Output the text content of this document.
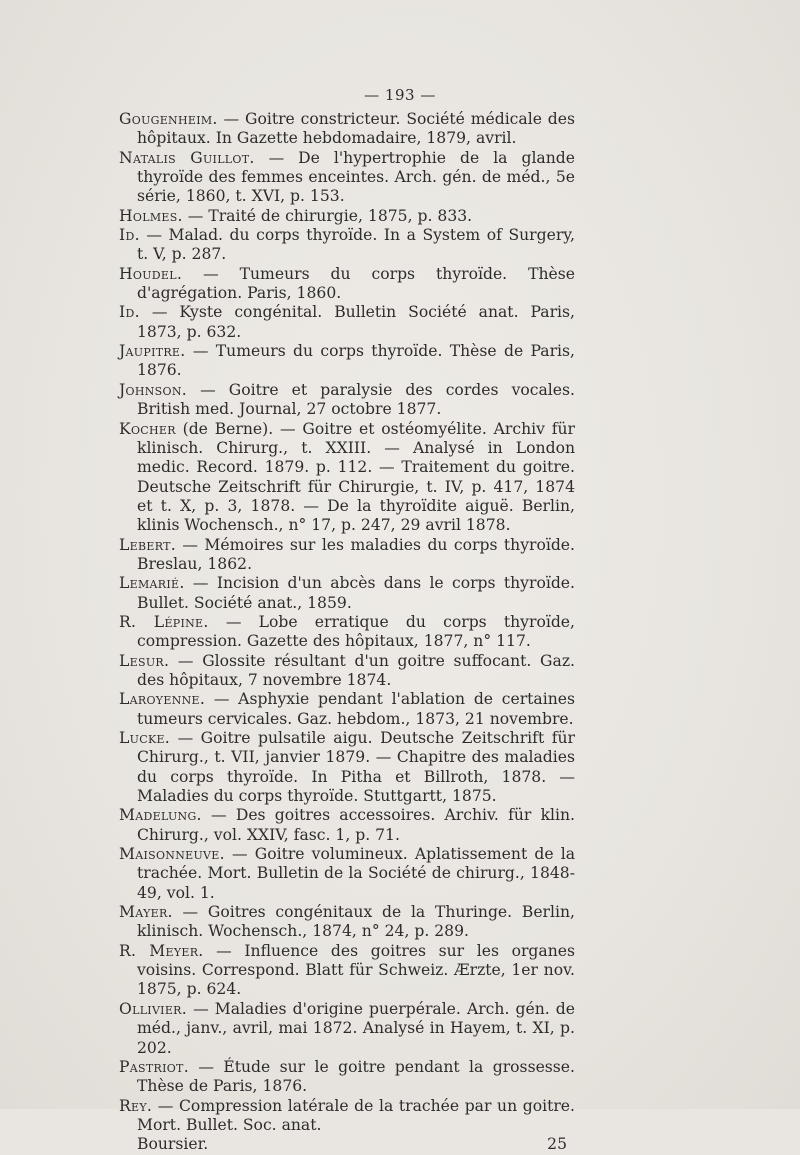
— 193 —
Gougenheim. — Goitre constricteur. Société médicale des hôpitaux. In Gazette hebdomadaire, 1879, avril.
Natalis Guillot. — De l'hypertrophie de la glande thyroïde des femmes enceintes. Arch. gén. de méd., 5e série, 1860, t. XVI, p. 153.
Holmes. — Traité de chirurgie, 1875, p. 833.
Id. — Malad. du corps thyroïde. In a System of Surgery, t. V, p. 287.
Houdel. — Tumeurs du corps thyroïde. Thèse d'agrégation. Paris, 1860.
Id. — Kyste congénital. Bulletin Société anat. Paris, 1873, p. 632.
Jaupitre. — Tumeurs du corps thyroïde. Thèse de Paris, 1876.
Johnson. — Goitre et paralysie des cordes vocales. British med. Journal, 27 octobre 1877.
Kocher (de Berne). — Goitre et ostéomyélite. Archiv für klinisch. Chirurg., t. XXIII. — Analysé in London medic. Record. 1879. p. 112. — Traitement du goitre. Deutsche Zeitschrift für Chirurgie, t. IV, p. 417, 1874 et t. X, p. 3, 1878. — De la thyroïdite aiguë. Berlin, klinis Wochensch., n° 17, p. 247, 29 avril 1878.
Lebert. — Mémoires sur les maladies du corps thyroïde. Breslau, 1862.
Lemarié. — Incision d'un abcès dans le corps thyroïde. Bullet. Société anat., 1859.
R. Lépine. — Lobe erratique du corps thyroïde, compression. Gazette des hôpitaux, 1877, n° 117.
Lesur. — Glossite résultant d'un goitre suffocant. Gaz. des hôpitaux, 7 novembre 1874.
Laroyenne. — Asphyxie pendant l'ablation de certaines tumeurs cervicales. Gaz. hebdom., 1873, 21 novembre.
Lucke. — Goitre pulsatile aigu. Deutsche Zeitschrift für Chirurg., t. VII, janvier 1879. — Chapitre des maladies du corps thyroïde. In Pitha et Billroth, 1878. — Maladies du corps thyroïde. Stuttgartt, 1875.
Madelung. — Des goitres accessoires. Archiv. für klin. Chirurg., vol. XXIV, fasc. 1, p. 71.
Maisonneuve. — Goitre volumineux. Aplatissement de la trachée. Mort. Bulletin de la Société de chirurg., 1848-49, vol. 1.
Mayer. — Goitres congénitaux de la Thuringe. Berlin, klinisch. Wochensch., 1874, n° 24, p. 289.
R. Meyer. — Influence des goitres sur les organes voisins. Correspond. Blatt für Schweiz. Ærzte, 1er nov. 1875, p. 624.
Ollivier. — Maladies d'origine puerpérale. Arch. gén. de méd., janv., avril, mai 1872. Analysé in Hayem, t. XI, p. 202.
Pastriot. — Étude sur le goitre pendant la grossesse. Thèse de Paris, 1876.
Rey. — Compression latérale de la trachée par un goitre. Mort. Bullet. Soc. anat.
Boursier.	25
